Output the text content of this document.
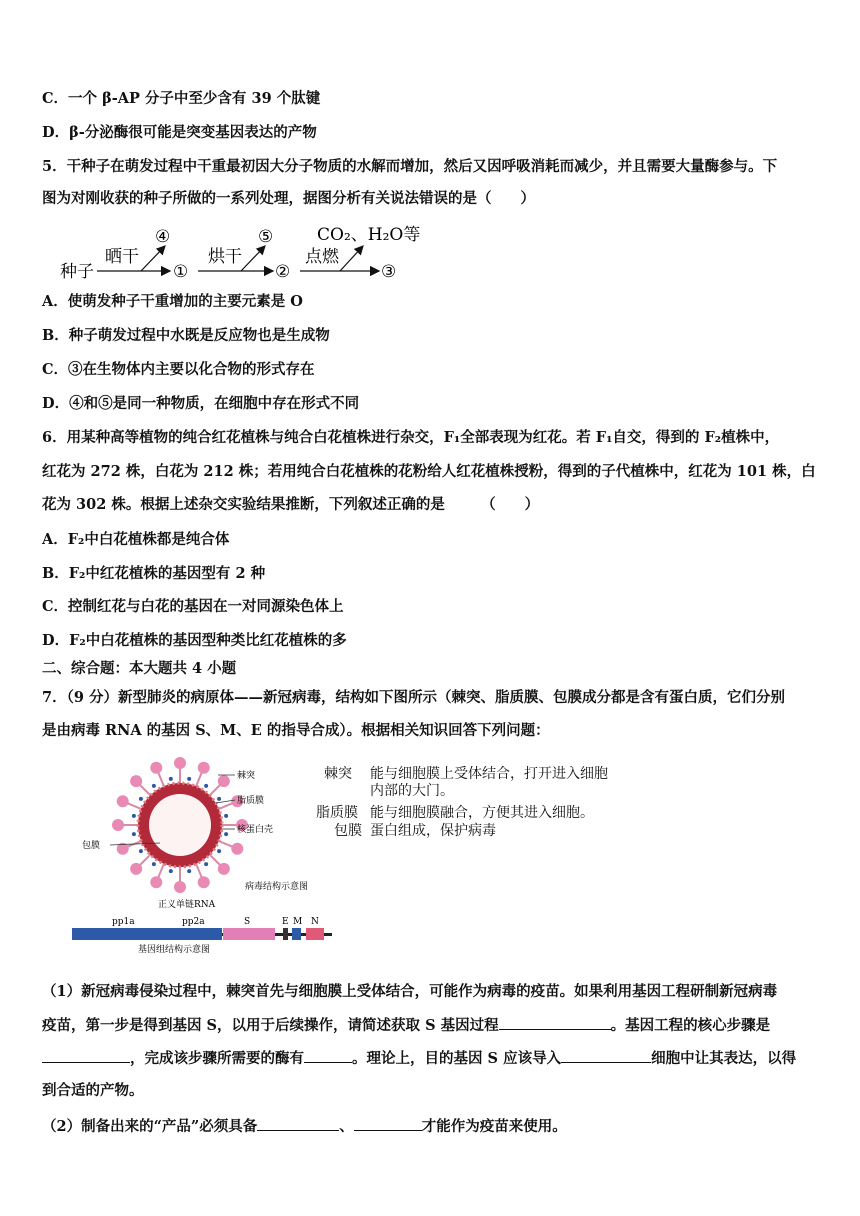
C．一个 β-AP 分子中至少含有 39 个肽键
D．β-分泌酶很可能是突变基因表达的产物
5．干种子在萌发过程中干重最初因大分子物质的水解而增加，然后又因呼吸消耗而减少，并且需要大量酶参与。下
图为对刚收获的种子所做的一系列处理，据图分析有关说法错误的是（　　）
种子
晒干
④
①
烘干
⑤
②
点燃
CO₂、H₂O等
③
A．使萌发种子干重增加的主要元素是 O
B．种子萌发过程中水既是反应物也是生成物
C．③在生物体内主要以化合物的形式存在
D．④和⑤是同一种物质，在细胞中存在形式不同
6．用某种高等植物的纯合红花植株与纯合白花植株进行杂交，F₁全部表现为红花。若 F₁自交，得到的 F₂植株中，
红花为 272 株，白花为 212 株；若用纯合白花植株的花粉给人红花植株授粉，得到的子代植株中，红花为 101 株，白
花为 302 株。根据上述杂交实验结果推断，下列叙述正确的是　　　（　　）
A．F₂中白花植株都是纯合体
B．F₂中红花植株的基因型有 2 种
C．控制红花与白花的基因在一对同源染色体上
D．F₂中白花植株的基因型种类比红花植株的多
二、综合题：本大题共 4 小题
7．（9 分）新型肺炎的病原体——新冠病毒，结构如下图所示（棘突、脂质膜、包膜成分都是含有蛋白质，它们分别
是由病毒 RNA 的基因 S、M、E 的指导合成）。根据相关知识回答下列问题：
棘突
脂质膜
核蛋白壳
包膜
病毒结构示意图
正义单链RNA
pp1a	pp2a	S	E M N
基因组结构示意图
棘突 能与细胞膜上受体结合，打开进入细胞
内部的大门。
脂质膜 能与细胞膜融合，方便其进入细胞。
包膜 蛋白组成，保护病毒
（1）新冠病毒侵染过程中，棘突首先与细胞膜上受体结合，可能作为病毒的疫苗。如果利用基因工程研制新冠病毒
疫苗，第一步是得到基因 S，以用于后续操作，请简述获取 S 基因过程	。基因工程的核心步骤是
，完成该步骤所需要的酶有	。理论上，目的基因 S 应该导入	细胞中让其表达，以得
到合适的产物。
（2）制备出来的“产品”必须具备	、	才能作为疫苗来使用。
